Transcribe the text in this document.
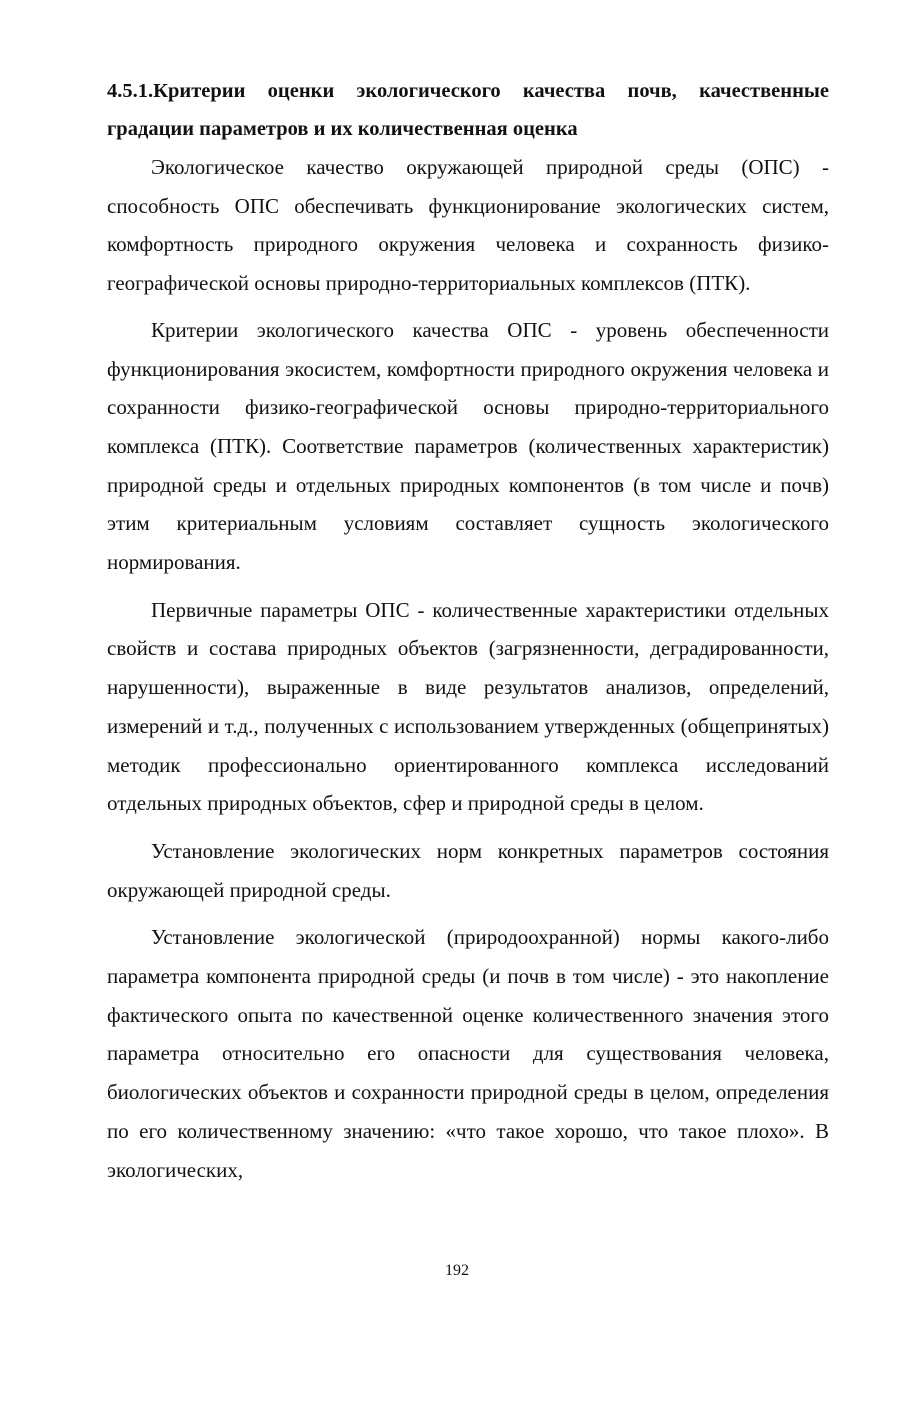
4.5.1.Критерии оценки экологического качества почв, качественные градации параметров и их количественная оценка

Экологическое качество окружающей природной среды (ОПС) - способность ОПС обеспечивать функционирование экологических систем, комфортность природного окружения человека и сохранность физико-географической основы природно-территориальных комплексов (ПТК).

Критерии экологического качества ОПС - уровень обеспеченности функционирования экосистем, комфортности природного окружения человека и сохранности физико-географической основы природно-территориального комплекса (ПТК). Соответствие параметров (количественных характеристик) природной среды и отдельных природных компонентов (в том числе и почв) этим критериальным условиям составляет сущность экологического нормирования.

Первичные параметры ОПС - количественные характеристики отдельных свойств и состава природных объектов (загрязненности, деградированности, нарушенности), выраженные в виде результатов анализов, определений, измерений и т.д., полученных с использованием утвержденных (общепринятых) методик профессионально ориентированного комплекса исследований отдельных природных объектов, сфер и природной среды в целом.

Установление экологических норм конкретных параметров состояния окружающей природной среды.

Установление экологической (природоохранной) нормы какого-либо параметра компонента природной среды (и почв в том числе) - это накопление фактического опыта по качественной оценке количественного значения этого параметра относительно его опасности для существования человека, биологических объектов и сохранности природной среды в целом, определения по его количественному значению: «что такое хорошо, что такое плохо». В экологических,

192
